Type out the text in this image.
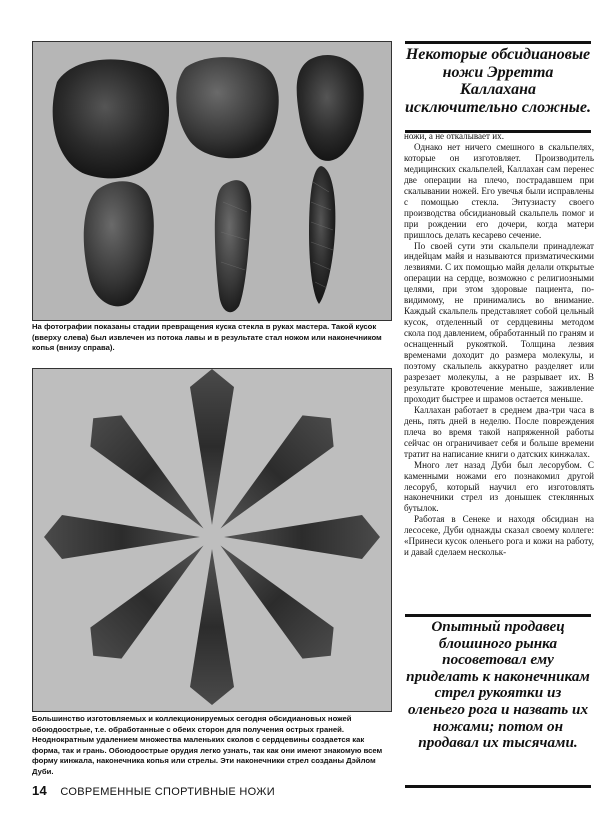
На фотографии показаны стадии превращения куска стекла в руках мастера. Такой кусок (вверху слева) был извлечен из потока лавы и в результате стал ножом или наконечником копья (внизу справа).
Большинство изготовляемых и коллекционируемых сегодня обсидиановых ножей обоюдоострые, т.е. обработанные с обеих сторон для получения острых граней. Неоднократным удалением множества маленьких сколов с сердцевины создается как форма, так и грань. Обоюдоострые орудия легко узнать, так как они имеют знакомую всем форму кинжала, наконечника копья или стрелы. Эти наконечники стрел созданы Дэйлом Дуби.
Некоторые обсидиановые ножи Эрретта Каллахана исключительно сложные.
Опытный продавец блошиного рынка посоветовал ему приделать к наконечникам стрел рукоятки из оленьего рога и назвать их ножами; потом он продавал их тысячами.

ножи, а не откалывает их.

Однако нет ничего смешного в скальпелях, которые он изготовляет. Производитель медицинских скальпелей, Каллахан сам перенес две операции на плечо, пострадавшем при скалывании ножей. Его увечья были исправлены с помощью стекла. Энтузиасту своего производства обсидиановый скальпель помог и при рождении его дочери, когда матери пришлось делать кесарево сечение.

По своей сути эти скальпели принадлежат индейцам майя и называются призматическими лезвиями. С их помощью майя делали открытые операции на сердце, возможно с религиозными целями, при этом здоровые пациента, по-видимому, не принимались во внимание. Каждый скальпель представляет собой цельный кусок, отделенный от сердцевины методом скола под давлением, обработанный по граням и оснащенный рукояткой. Толщина лезвия временами доходит до размера молекулы, и поэтому скальпель аккуратно разделяет или разрезает молекулы, а не разрывает их. В результате кровотечение меньше, заживление проходит быстрее и шрамов остается меньше.

Каллахан работает в среднем два-три часа в день, пять дней в неделю. После повреждения плеча во время такой напряженной работы сейчас он ограничивает себя и больше времени тратит на написание книги о датских кинжалах.

Много лет назад Дуби был лесорубом. С каменными ножами его познакомил другой лесоруб, который научил его изготовлять наконечники стрел из донышек стеклянных бутылок.

Работая в Сенеке и находя обсидиан на лесосеке, Дуби однажды сказал своему коллеге: «Принеси кусок оленьего рога и кожи на работу, и давай сделаем нескольк-

14 СОВРЕМЕННЫЕ СПОРТИВНЫЕ НОЖИ
